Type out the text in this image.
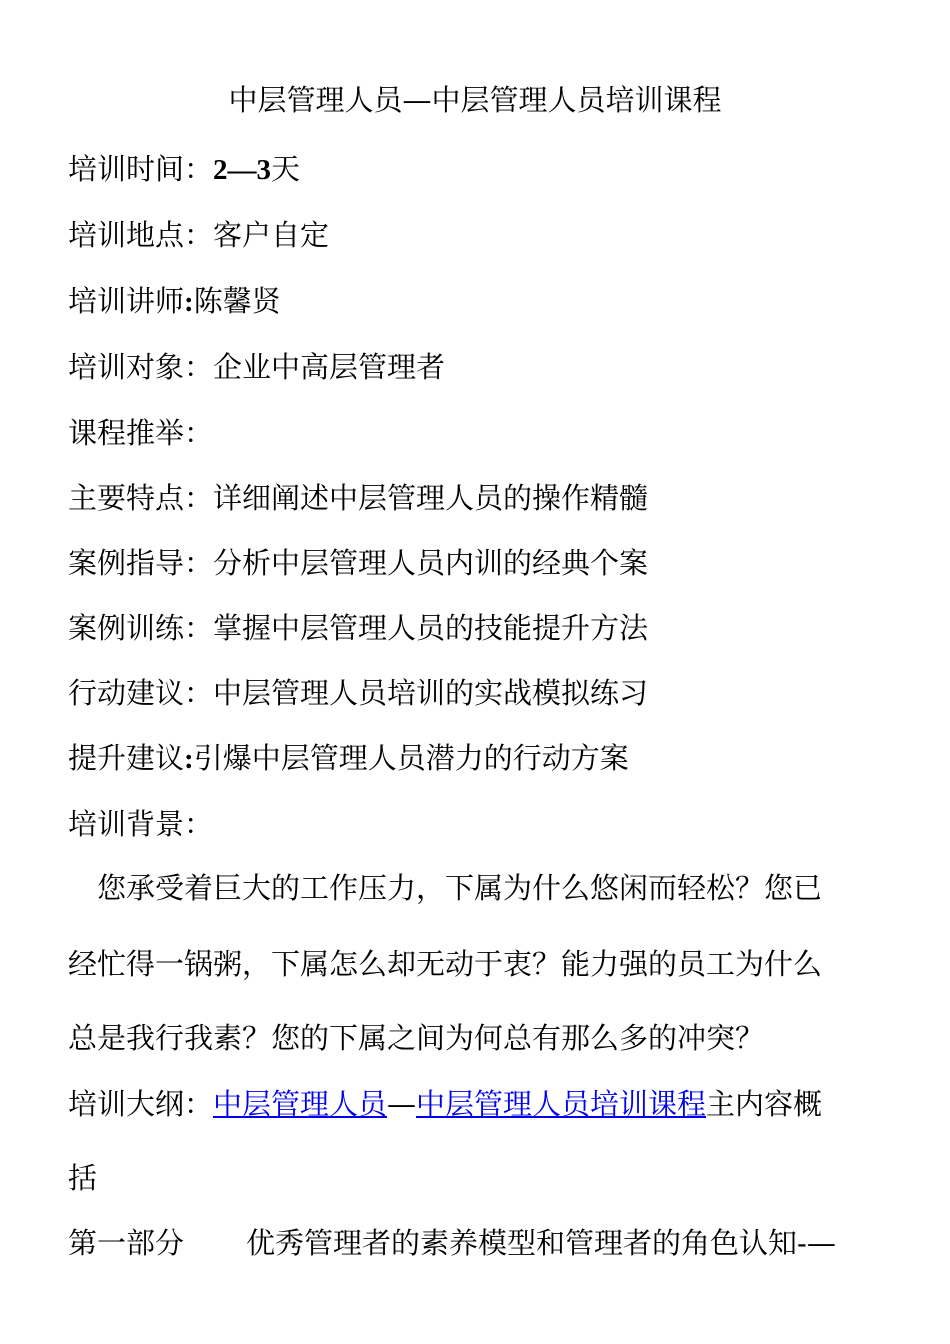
中层管理人员—中层管理人员培训课程
培训时间：2—3天
培训地点：客户自定
培训讲师:陈馨贤
培训对象：企业中高层管理者
课程推举：
主要特点：详细阐述中层管理人员的操作精髓
案例指导：分析中层管理人员内训的经典个案
案例训练：掌握中层管理人员的技能提升方法
行动建议：中层管理人员培训的实战模拟练习
提升建议:引爆中层管理人员潜力的行动方案
培训背景：
　您承受着巨大的工作压力，下属为什么悠闲而轻松？您已
经忙得一锅粥，下属怎么却无动于衷？能力强的员工为什么
总是我行我素？您的下属之间为何总有那么多的冲突？
培训大纲：中层管理人员—中层管理人员培训课程主内容概
括
第一部分 优秀管理者的素养模型和管理者的角色认知-—
